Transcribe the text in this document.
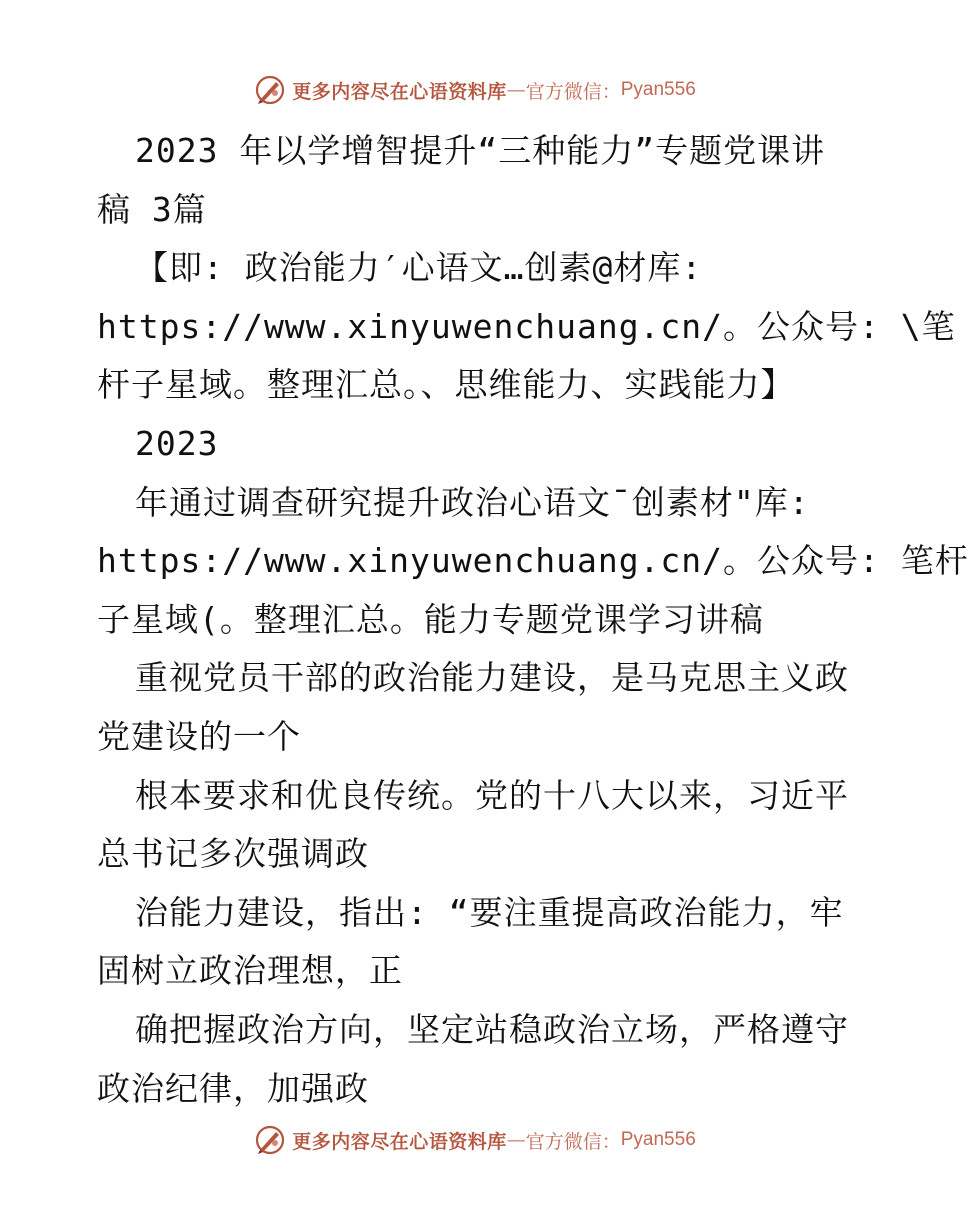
更多内容尽在心语资料库 — 官方微信： Pyan556
2023 年以学增智提升“三种能力”专题党课讲
稿 3篇
【即: 政治能力′心语文…创素@材库:
https://www.xinyuwenchuang.cn/。公众号: \笔
杆子星域。整理汇总。、思维能力、实践能力】
2023
年通过调查研究提升政治心语文¯创素材"库:
https://www.xinyuwenchuang.cn/。公众号: 笔杆
子星域(。整理汇总。能力专题党课学习讲稿
重视党员干部的政治能力建设，是马克思主义政
党建设的一个
根本要求和优良传统。党的十八大以来，习近平
总书记多次强调政
治能力建设，指出: “要注重提高政治能力，牢
固树立政治理想，正
确把握政治方向，坚定站稳政治立场，严格遵守
政治纪律，加强政
更多内容尽在心语资料库 — 官方微信： Pyan556
